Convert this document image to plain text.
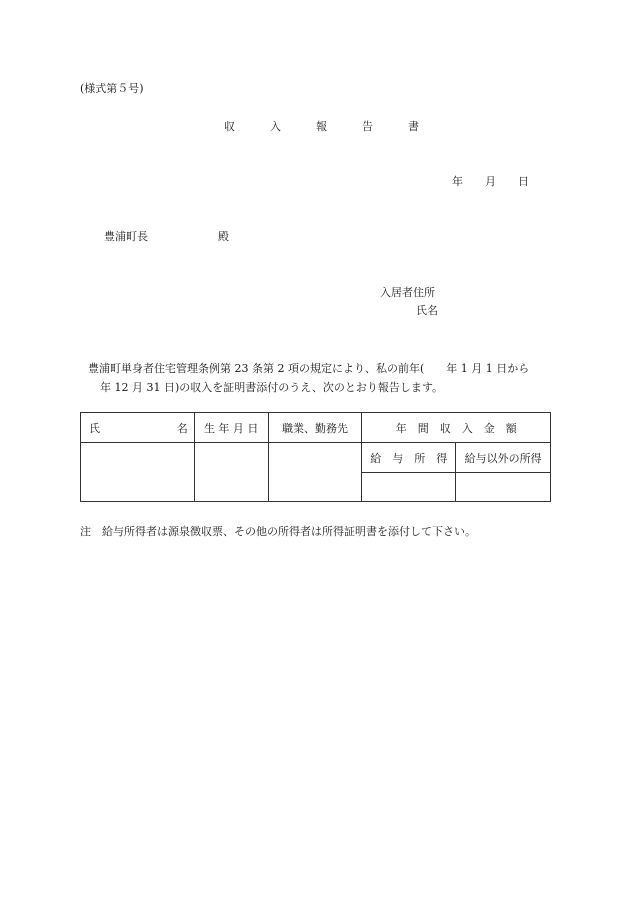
(様式第５号)
収	入	報	告	書
年 月 日
豊浦町長	殿
入居者住所
氏名
豊浦町単身者住宅管理条例第 23 条第 2 項の規定により、私の前年(　　年 1 月 1 日から
年 12 月 31 日)の収入を証明書添付のうえ、次のとおり報告します。
氏 名	生 年 月 日	職業、勤務先	年　間　収　入　金　額	
			給　与　所　得	給与以外の所得

注　給与所得者は源泉徴収票、その他の所得者は所得証明書を添付して下さい。
